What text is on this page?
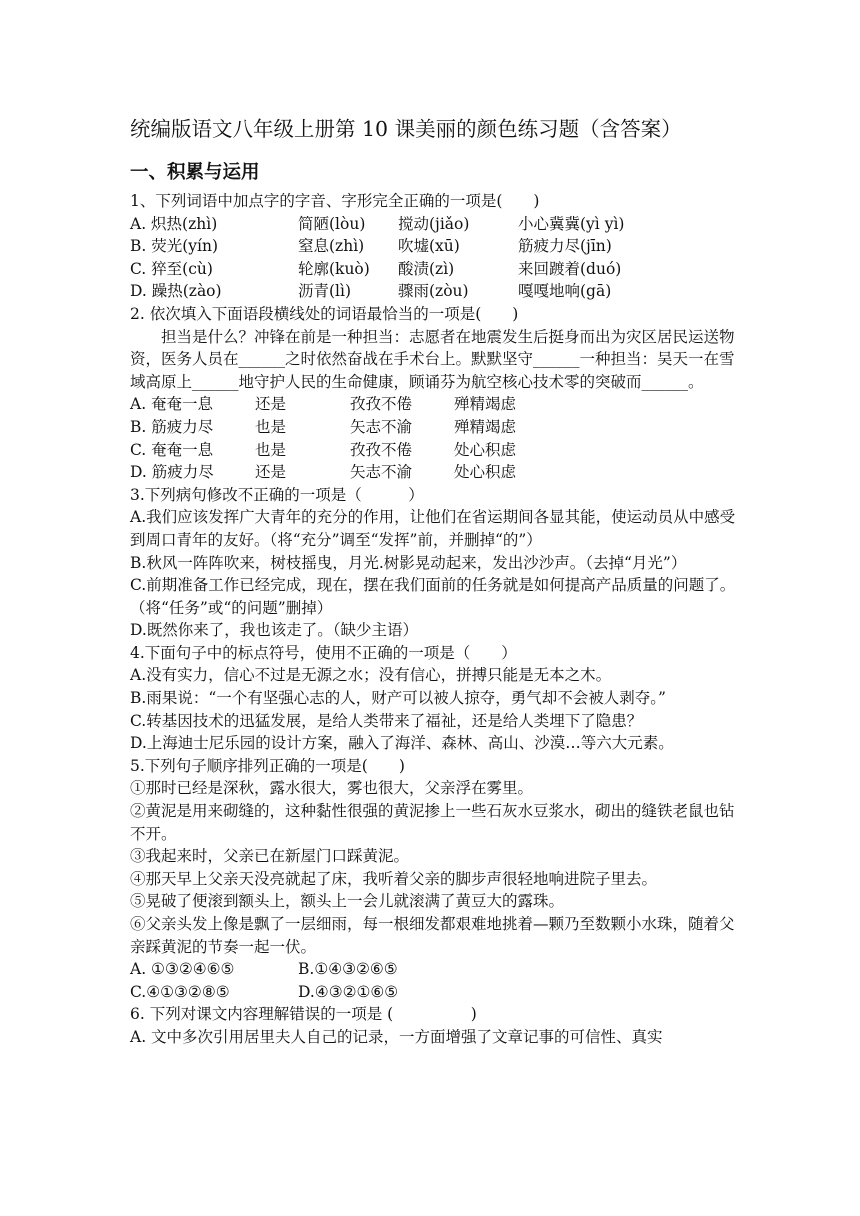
统编版语文八年级上册第 10 课美丽的颜色练习题（含答案）
一、积累与运用
1、下列词语中加点字的字音、字形完全正确的一项是(　　)
A. 炽热(zhì)	简陋(lòu)	搅动(jiǎo)	小心冀冀(yì yì)
B. 荧光(yín)	窒息(zhì)	吹墟(xū)	筋疲力尽(jīn)
C. 猝至(cù)	轮廓(kuò)	酸渍(zì)	来回踱着(duó)
D. 躁热(zào)	沥青(lì)	骤雨(zòu)	嘎嘎地响(gā)
2. 依次填入下面语段横线处的词语最恰当的一项是(　　)
担当是什么？冲锋在前是一种担当：志愿者在地震发生后挺身而出为灾区居民运送物资，医务人员在______之时依然奋战在手术台上。默默坚守______一种担当：吴天一在雪域高原上______地守护人民的生命健康，顾诵芬为航空核心技术零的突破而______。
A. 奄奄一息	还是	孜孜不倦	殚精竭虑
B. 筋疲力尽	也是	矢志不渝	殚精竭虑
C. 奄奄一息	也是	孜孜不倦	处心积虑
D. 筋疲力尽	还是	矢志不渝	处心积虑
3.下列病句修改不正确的一项是（　　　）
A.我们应该发挥广大青年的充分的作用，让他们在省运期间各显其能，使运动员从中感受到周口青年的友好。（将“充分”调至“发挥”前，并删掉“的”）
B.秋风一阵阵吹来，树枝摇曳，月光.树影晃动起来，发出沙沙声。（去掉“月光”）
C.前期准备工作已经完成，现在，摆在我们面前的任务就是如何提高产品质量的问题了。（将“任务”或“的问题”删掉）
D.既然你来了，我也该走了。（缺少主语）
4.下面句子中的标点符号，使用不正确的一项是（　　）
A.没有实力，信心不过是无源之水；没有信心，拼搏只能是无本之木。
B.雨果说：“一个有坚强心志的人，财产可以被人掠夺，勇气却不会被人剥夺。”
C.转基因技术的迅猛发展，是给人类带来了福祉，还是给人类埋下了隐患？
D.上海迪士尼乐园的设计方案，融入了海洋、森林、高山、沙漠…等六大元素。
5.下列句子顺序排列正确的一项是(　　)
①那时已经是深秋，露水很大，雾也很大，父亲浮在雾里。
②黄泥是用来砌缝的，这种黏性很强的黄泥掺上一些石灰水豆浆水，砌出的缝铁老鼠也钻不开。
③我起来时，父亲已在新屋门口踩黄泥。
④那天早上父亲天没亮就起了床，我听着父亲的脚步声很轻地响进院子里去。
⑤晃破了便滚到额头上，额头上一会儿就滚满了黄豆大的露珠。
⑥父亲头发上像是飘了一层细雨，每一根细发都艰难地挑着—颗乃至数颗小水珠，随着父亲踩黄泥的节奏一起一伏。
A. ①③②④⑥⑤	B.①④③②⑥⑤
C.④①③②⑧⑤	D.④③②①⑥⑤
6. 下列对课文内容理解错误的一项是 (　　　　　)
A. 文中多次引用居里夫人自己的记录，一方面增强了文章记事的可信性、真实
